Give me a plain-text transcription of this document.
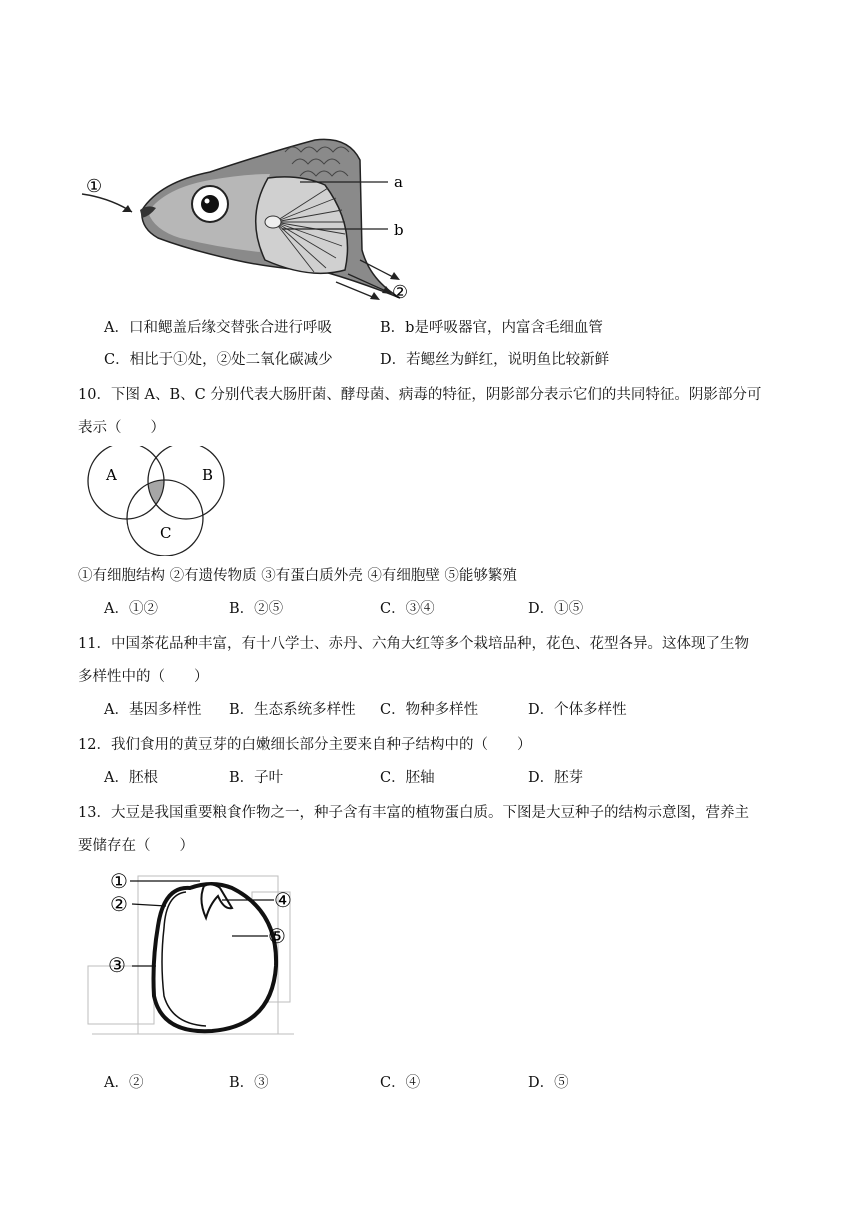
①	a
b
②
A．口和鳃盖后缘交替张合进行呼吸	B．b是呼吸器官，内富含毛细血管
C．相比于①处，②处二氧化碳减少	D．若鳃丝为鲜红，说明鱼比较新鲜
10．下图 A、B、C 分别代表大肠肝菌、酵母菌、病毒的特征，阴影部分表示它们的共同特征。阴影部分可
表示（　　）
A	B
C
①有细胞结构 ②有遗传物质 ③有蛋白质外壳 ④有细胞壁 ⑤能够繁殖
A．①②	B．②⑤	C．③④	D．①⑤
11．中国茶花品种丰富，有十八学士、赤丹、六角大红等多个栽培品种，花色、花型各异。这体现了生物
多样性中的（　　）
A．基因多样性 B．生态系统多样性 C．物种多样性	D．个体多样性
12．我们食用的黄豆芽的白嫩细长部分主要来自种子结构中的（　　）
A．胚根	B．子叶	C．胚轴	D．胚芽
13．大豆是我国重要粮食作物之一，种子含有丰富的植物蛋白质。下图是大豆种子的结构示意图，营养主
要储存在（　　）
①
②
③
④
⑤
A．②	B．③	C．④	D．⑤
